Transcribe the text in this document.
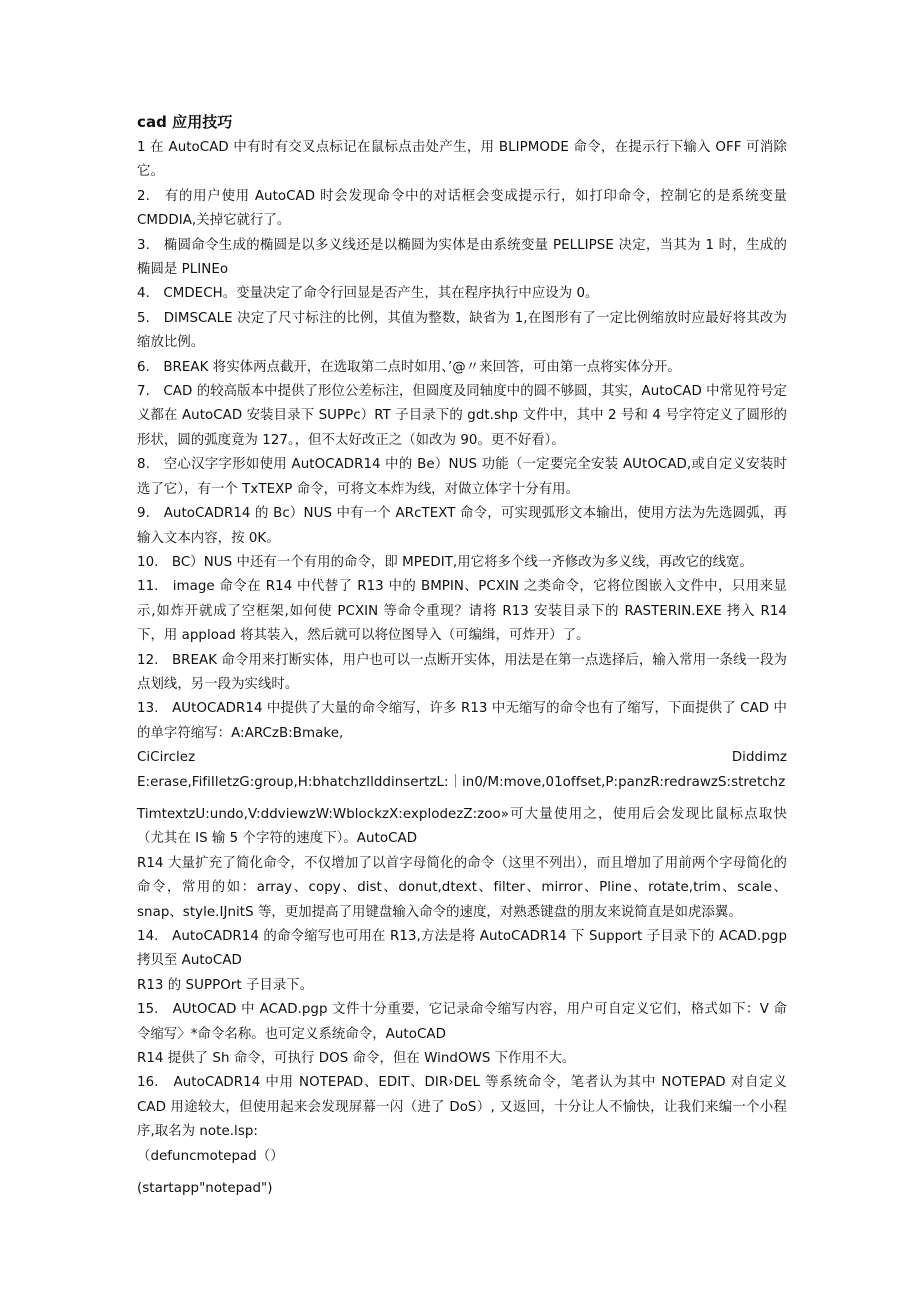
cad 应用技巧

1 在 AutoCAD 中有时有交叉点标记在鼠标点击处产生，用 BLIPMODE 命令，在提示行下输入 OFF 可消除它。

2.　有的用户使用 AutoCAD 时会发现命令中的对话框会变成提示行，如打印命令，控制它的是系统变量 CMDDIA,关掉它就行了。

3.　椭圆命令生成的椭圆是以多义线还是以椭圆为实体是由系统变量 PELLIPSE 决定，当其为 1 时，生成的椭圆是 PLINEo

4.　CMDECH。变量决定了命令行回显是否产生，其在程序执行中应设为 0。

5.　DlMSCALE 决定了尺寸标注的比例，其值为整数，缺省为 1,在图形有了一定比例缩放时应最好将其改为缩放比例。

6.　BREAK 将实体两点截开，在选取第二点时如用、’@〃来回答，可由第一点将实体分开。

7.　CAD 的较高版本中提供了形位公差标注，但圆度及同轴度中的圆不够圆，其实，AutoCAD 中常见符号定义都在 AutoCAD 安装目录下 SUPPc）RT 子目录下的 gdt.shp 文件中，其中 2 号和 4 号字符定义了圆形的形状，圆的弧度竟为 127。，但不太好改正之（如改为 90。更不好看）。

8.　空心汉字字形如使用 AutOCADR14 中的 Be）NUS 功能（一定要完全安装 AUtOCAD,或自定义安装时选了它），有一个 TxTEXP 命令，可将文本炸为线，对做立体字十分有用。

9.　AutoCADR14 的 Bc）NUS 中有一个 ARcTEXT 命令，可实现弧形文本输出，使用方法为先选圆弧，再输入文本内容，按 0K。

10.　BC）NUS 中还有一个有用的命令，即 MPEDIT,用它将多个线一齐修改为多义线，再改它的线宽。

11.　image 命令在 R14 中代替了 R13 中的 BMPIN、PCXIN 之类命令，它将位图嵌入文件中，只用来显示,如炸开就成了空框架,如何使 PCXIN 等命令重现？请将 R13 安装目录下的 RASTERIN.EXE 拷入 R14 下，用 appload 将其装入，然后就可以将位图导入（可编缉，可炸开）了。

12.　BREAK 命令用来打断实体，用户也可以一点断开实体，用法是在第一点选择后，输入常用一条线一段为点划线，另一段为实线时。

13.　AUtOCADR14 中提供了大量的命令缩写，许多 R13 中无缩写的命令也有了缩写，下面提供了 CAD 中的单字符缩写：A:ARCzB:Bmake,

CiCirclez	Diddimz

E:erase,FifiIletzG:group,H:bhatchzIlddinsertzL:｜in0/M:move,01offset,P:panzR:redrawzS:stretchz

TimtextzU:undo,V:ddviewzW:WblockzX:explodezZ:zoo»可大量使用之，使用后会发现比鼠标点取快（尤其在 IS 输 5 个字符的速度下）。AutoCAD

R14 大量扩充了简化命令，不仅增加了以首字母简化的命令（这里不列出），而且增加了用前两个字母简化的命令，常用的如：array、copy、dist、donut,dtext、filter、mirror、Pline、rotate,trim、scale、snap、style.IJnitS 等，更加提高了用键盘输入命令的速度，对熟悉键盘的朋友来说简直是如虎添翼。

14.　AutoCADR14 的命令缩写也可用在 R13,方法是将 AutoCADR14 下 Support 子目录下的 ACAD.pgp 拷贝至 AutoCAD

R13 的 SUPPOrt 子目录下。

15.　AUtOCAD 中 ACAD.pgp 文件十分重要，它记录命令缩写内容，用户可自定义它们，格式如下：V 命令缩写〉*命令名称。也可定义系统命令，AutoCAD

R14 提供了 Sh 命令，可执行 DOS 命令，但在 WindOWS 下作用不大。

16.　AutoCADR14 中用 NOTEPAD、EDIT、DIR›DEL 等系统命令，笔者认为其中 NOTEPAD 对自定义 CAD 用途较大，但使用起来会发现屏幕一闪（进了 DoS）, 又返回，十分让人不愉快，让我们来编一个小程序,取名为 note.lsp:

（defuncmotepad（）

(startapp"notepad")
